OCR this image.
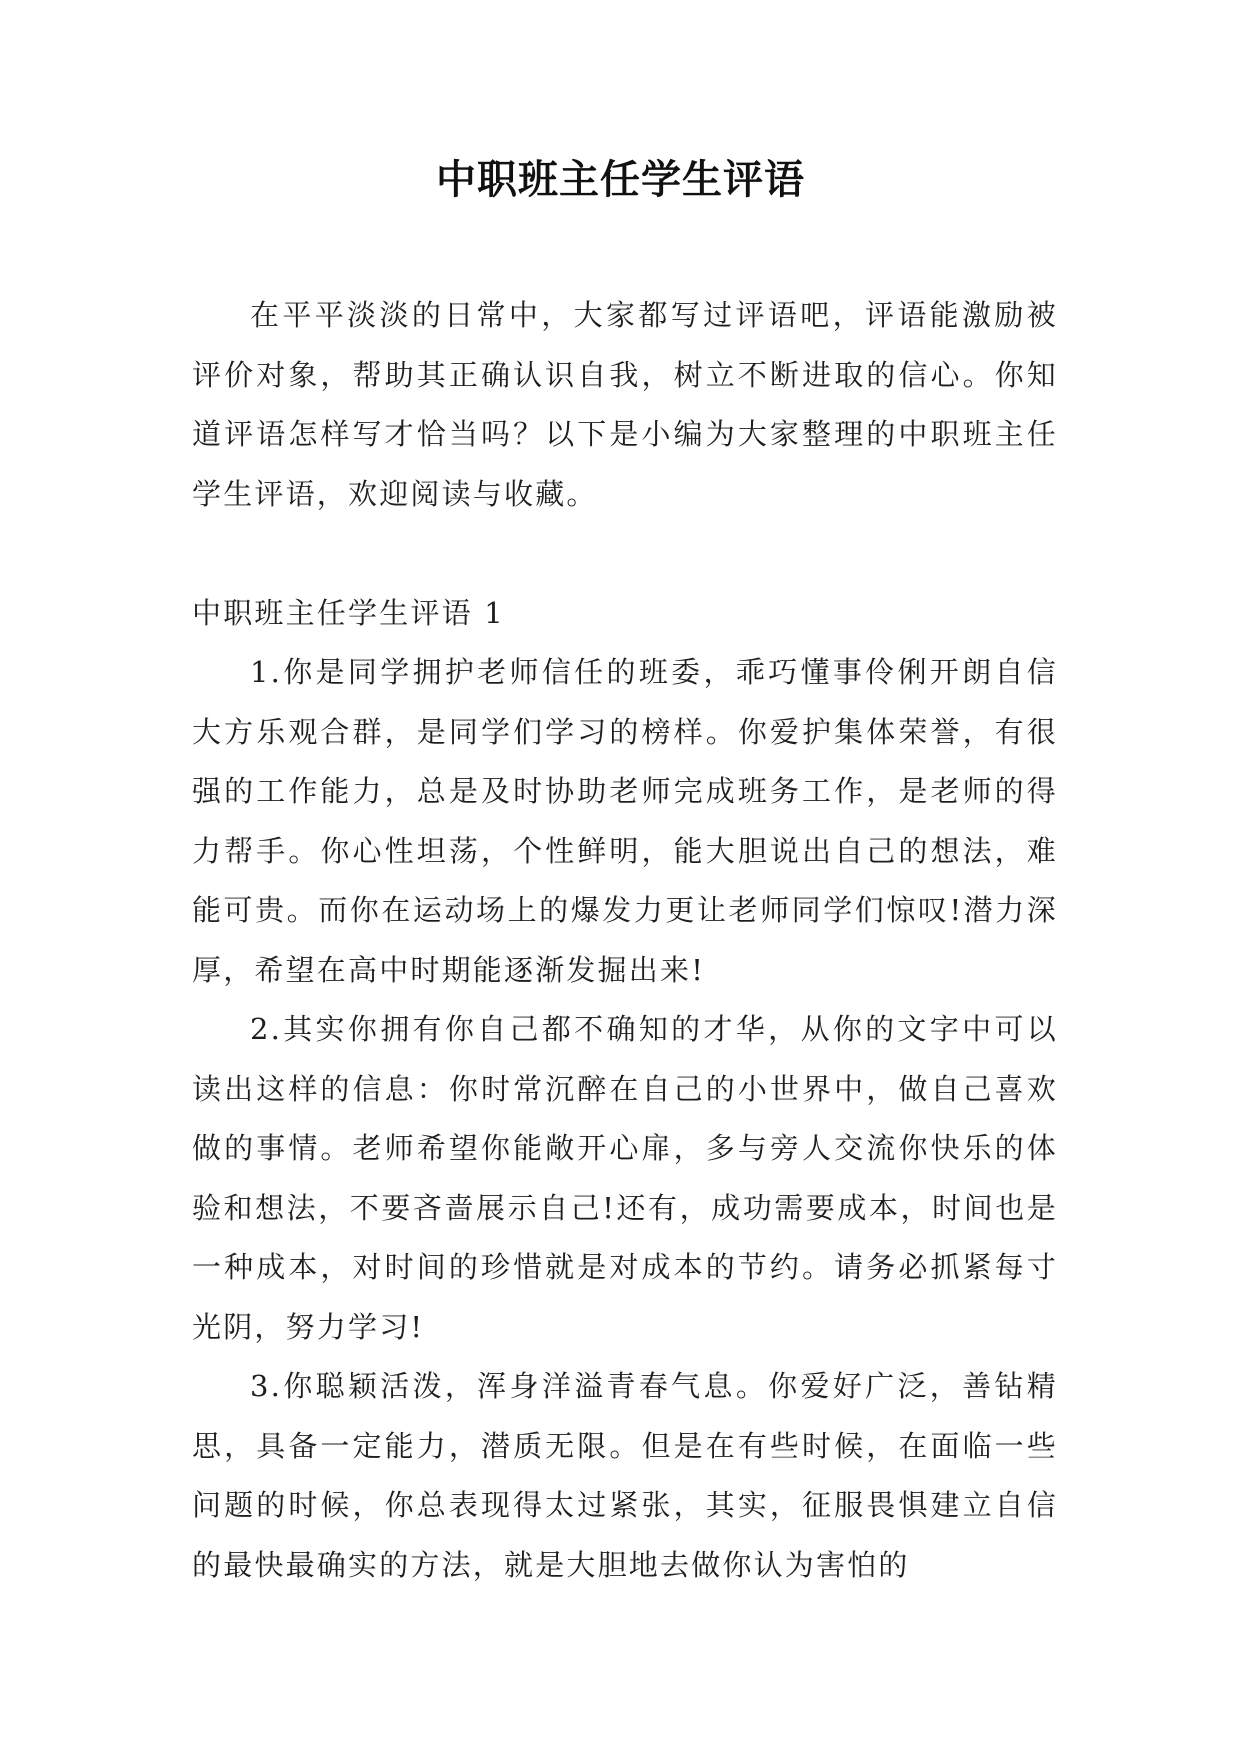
中职班主任学生评语

在平平淡淡的日常中，大家都写过评语吧，评语能激励被评价对象，帮助其正确认识自我，树立不断进取的信心。你知道评语怎样写才恰当吗？以下是小编为大家整理的中职班主任学生评语，欢迎阅读与收藏。

中职班主任学生评语 1

1.你是同学拥护老师信任的班委，乖巧懂事伶俐开朗自信大方乐观合群，是同学们学习的榜样。你爱护集体荣誉，有很强的工作能力，总是及时协助老师完成班务工作，是老师的得力帮手。你心性坦荡，个性鲜明，能大胆说出自己的想法，难能可贵。而你在运动场上的爆发力更让老师同学们惊叹!潜力深厚，希望在高中时期能逐渐发掘出来!

2.其实你拥有你自己都不确知的才华，从你的文字中可以读出这样的信息：你时常沉醉在自己的小世界中，做自己喜欢做的事情。老师希望你能敞开心扉，多与旁人交流你快乐的体验和想法，不要吝啬展示自己!还有，成功需要成本，时间也是一种成本，对时间的珍惜就是对成本的节约。请务必抓紧每寸光阴，努力学习!

3.你聪颖活泼，浑身洋溢青春气息。你爱好广泛，善钻精思，具备一定能力，潜质无限。但是在有些时候，在面临一些问题的时候，你总表现得太过紧张，其实，征服畏惧建立自信的最快最确实的方法，就是大胆地去做你认为害怕的
